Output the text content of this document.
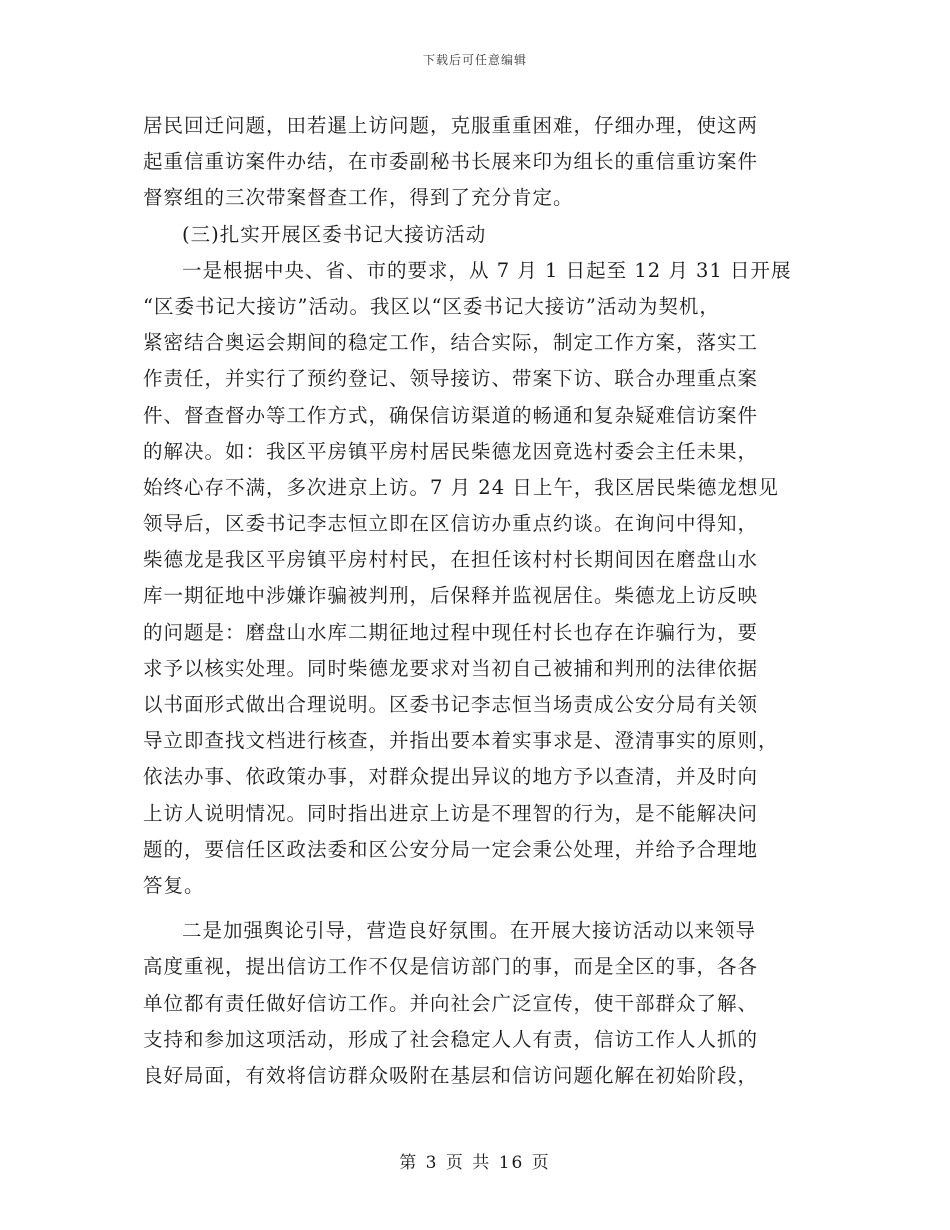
下载后可任意编辑
居民回迁问题，田若暹上访问题，克服重重困难，仔细办理，使这两
起重信重访案件办结，在市委副秘书长展来印为组长的重信重访案件
督察组的三次带案督查工作，得到了充分肯定。
(三)扎实开展区委书记大接访活动
一是根据中央、省、市的要求，从 7 月 1 日起至 12 月 31 日开展
“区委书记大接访”活动。我区以“区委书记大接访”活动为契机，
紧密结合奥运会期间的稳定工作，结合实际，制定工作方案，落实工
作责任，并实行了预约登记、领导接访、带案下访、联合办理重点案
件、督查督办等工作方式，确保信访渠道的畅通和复杂疑难信访案件
的解决。如：我区平房镇平房村居民柴德龙因竟选村委会主任未果，
始终心存不满，多次进京上访。7 月 24 日上午，我区居民柴德龙想见
领导后，区委书记李志恒立即在区信访办重点约谈。在询问中得知，
柴德龙是我区平房镇平房村村民，在担任该村村长期间因在磨盘山水
库一期征地中涉嫌诈骗被判刑，后保释并监视居住。柴德龙上访反映
的问题是：磨盘山水库二期征地过程中现任村长也存在诈骗行为，要
求予以核实处理。同时柴德龙要求对当初自己被捕和判刑的法律依据
以书面形式做出合理说明。区委书记李志恒当场责成公安分局有关领
导立即查找文档进行核查，并指出要本着实事求是、澄清事实的原则，
依法办事、依政策办事，对群众提出异议的地方予以查清，并及时向
上访人说明情况。同时指出进京上访是不理智的行为，是不能解决问
题的，要信任区政法委和区公安分局一定会秉公处理，并给予合理地
答复。
二是加强舆论引导，营造良好氛围。在开展大接访活动以来领导
高度重视，提出信访工作不仅是信访部门的事，而是全区的事，各各
单位都有责任做好信访工作。并向社会广泛宣传，使干部群众了解、
支持和参加这项活动，形成了社会稳定人人有责，信访工作人人抓的
良好局面，有效将信访群众吸附在基层和信访问题化解在初始阶段，
第 3 页 共 16 页
